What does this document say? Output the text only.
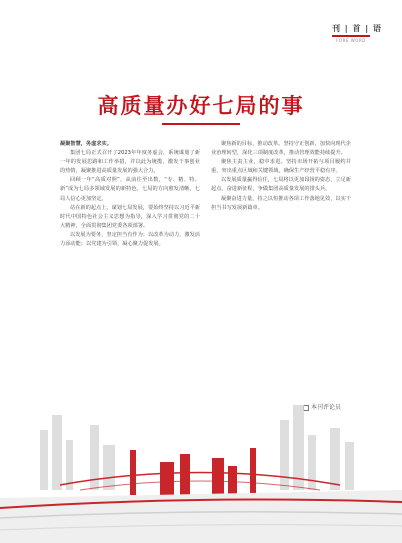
刊 | 首 | 语
FORE WORD
高质量办好七局的事

凝聚智慧，务虚求实。

集团七局正式召开了2023年年度务虚会，系统谋划了新一年的发展思路和工作举措，并以此为统揽，激发干事创业的热情，凝聚推进高质量发展的强大合力。

回顾一年“高质对照”，从前往至出数，“专、精、特、新”成为七局多领域发展的新特色，七局的方向愈发清晰，七局人信心更加坚定。

站在新的起点上，谋划七局发展，要始终坚持以习近平新时代中国特色社会主义思想为指导，深入学习贯彻党的二十大精神，全面贯彻集团党委各项部署。

以发展为要务，坚定担当有作为；以改革为动力，激发活力添动能；以党建为引领，凝心聚力促发展。

聚焦新的目标，推动改革。坚持守正创新，加快向现代企业治理转型，深化三项制度改革，推动管理效能持续提升。

聚焦主责主业，稳中求进。坚持市场开拓与项目履约并重，突出重点区域和关键领域，确保生产经营平稳有序。

以发展质量赢得信任，七局将以更加昂扬的姿态，立足新起点，奋进新征程，争做集团高质量发展的排头兵。

凝聚奋进力量，持之以恒推动各项工作落地见效，以实干担当书写发展新篇章。

本刊评论员
